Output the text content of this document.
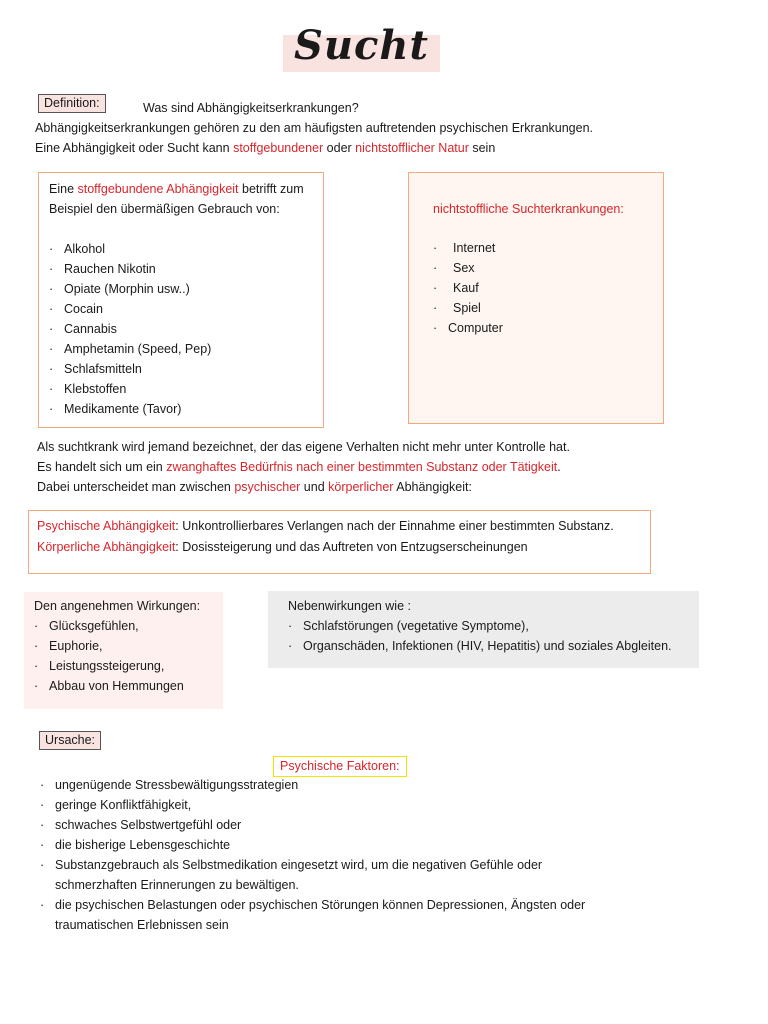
Sucht
Definition:	Was sind Abhängigkeitserkrankungen?
Abhängigkeitserkrankungen gehören zu den am häufigsten auftretenden psychischen Erkrankungen.
Eine Abhängigkeit oder Sucht kann stoffgebundener oder nichtstofflicher Natur sein
Eine stoffgebundene Abhängigkeit betrifft zum
Beispiel den übermäßigen Gebrauch von:
· Alkohol
· Rauchen Nikotin
· Opiate (Morphin usw..)
· Cocain
· Cannabis
· Amphetamin (Speed, Pep)
· Schlafsmitteln
· Klebstoffen
· Medikamente (Tavor)
nichtstoffliche Suchterkrankungen:
· Internet
· Sex
· Kauf
· Spiel
· Computer
Als suchtkrank wird jemand bezeichnet, der das eigene Verhalten nicht mehr unter Kontrolle hat.
Es handelt sich um ein zwanghaftes Bedürfnis nach einer bestimmten Substanz oder Tätigkeit.
Dabei unterscheidet man zwischen psychischer und körperlicher Abhängigkeit:
Psychische Abhängigkeit: Unkontrollierbares Verlangen nach der Einnahme einer bestimmten Substanz.
Körperliche Abhängigkeit: Dosissteigerung und das Auftreten von Entzugserscheinungen
Den angenehmen Wirkungen:
· Glücksgefühlen,
· Euphorie,
· Leistungssteigerung,
· Abbau von Hemmungen
Nebenwirkungen wie :
· Schlafstörungen (vegetative Symptome),
· Organschäden, Infektionen (HIV, Hepatitis) und soziales Abgleiten.
Ursache:
Psychische Faktoren:
· ungenügende Stressbewältigungsstrategien
· geringe Konfliktfähigkeit,
· schwaches Selbstwertgefühl oder
· die bisherige Lebensgeschichte
· Substanzgebrauch als Selbstmedikation eingesetzt wird, um die negativen Gefühle oder
schmerzhaften Erinnerungen zu bewältigen.
· die psychischen Belastungen oder psychischen Störungen können Depressionen, Ängsten oder
traumatischen Erlebnissen sein
